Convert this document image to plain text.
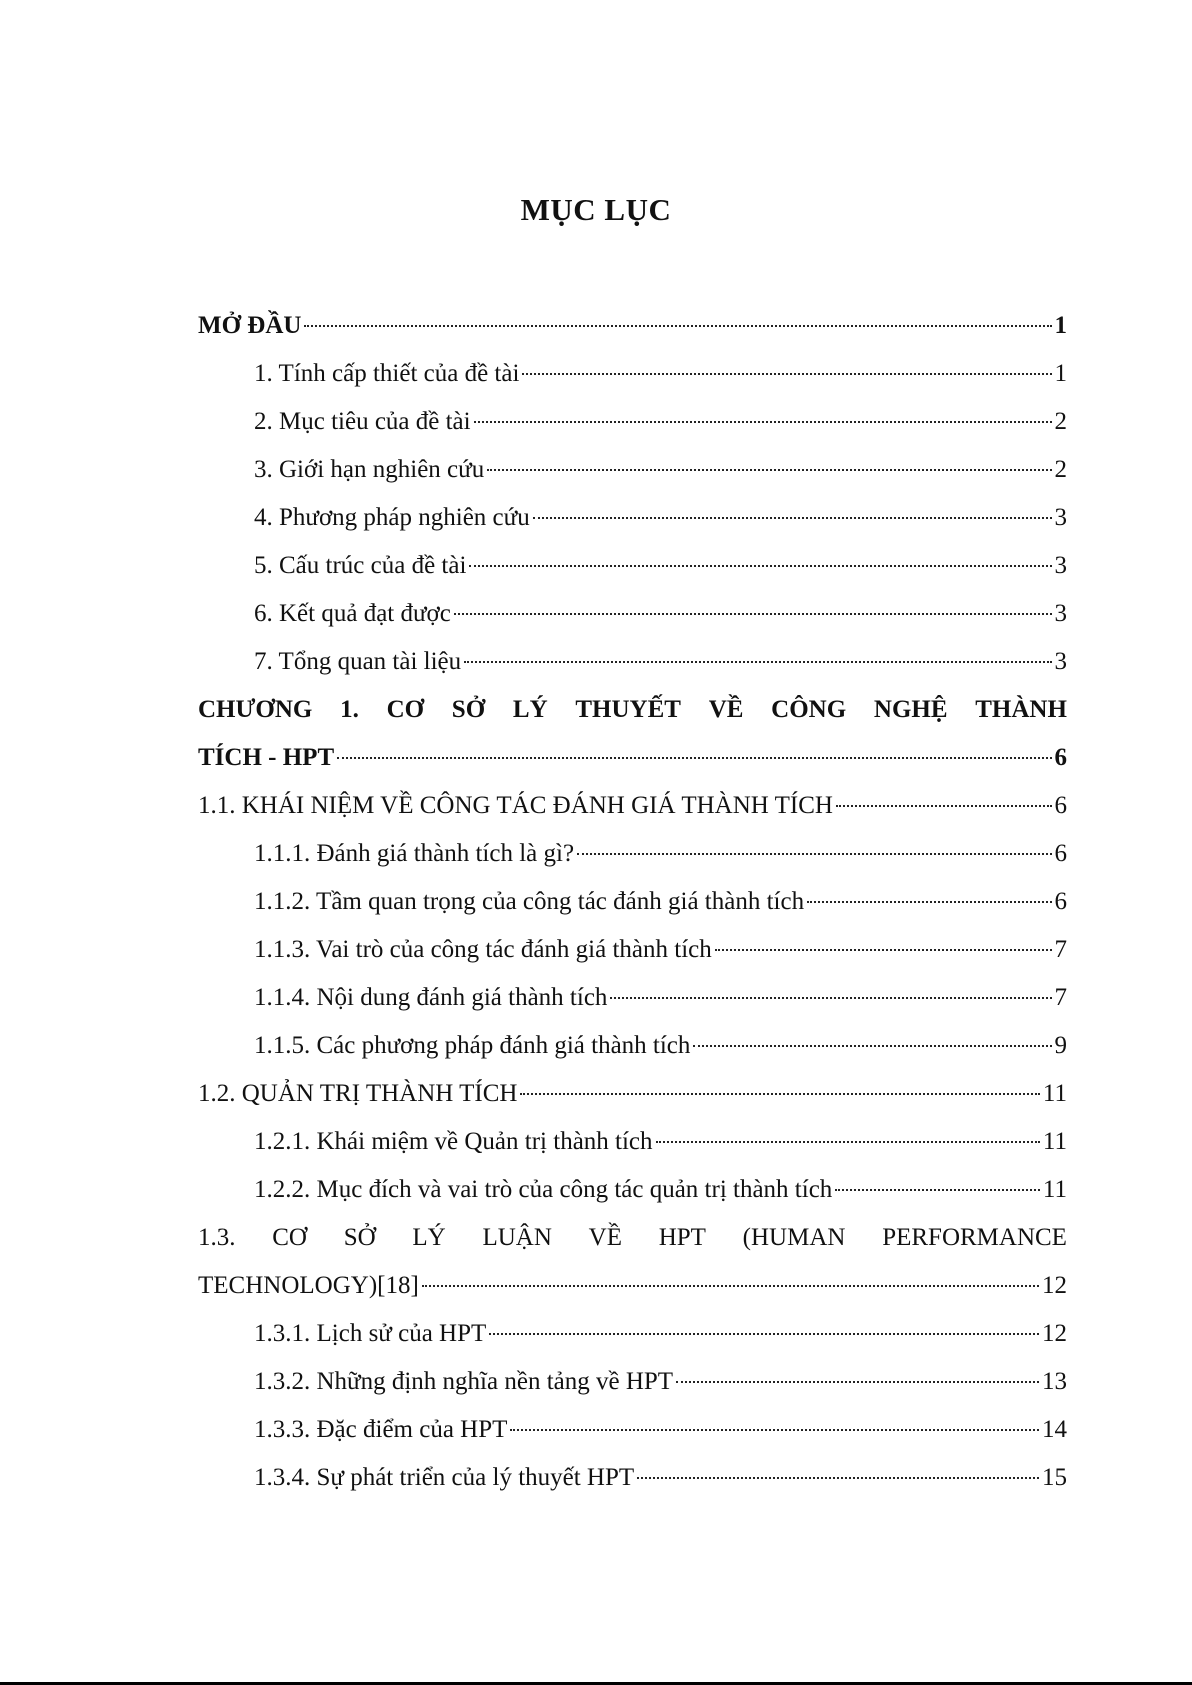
MỤC LỤC
MỞ ĐẦU	1
1. Tính cấp thiết của đề tài	1
2. Mục tiêu của đề tài	2
3. Giới hạn nghiên cứu	2
4. Phương pháp nghiên cứu	3
5. Cấu trúc của đề tài	3
6. Kết quả đạt được	3
7. Tổng quan tài liệu	3
CHƯƠNG 1. CƠ SỞ LÝ THUYẾT VỀ CÔNG NGHỆ THÀNH
TÍCH - HPT	6
1.1. KHÁI NIỆM VỀ CÔNG TÁC ĐÁNH GIÁ THÀNH TÍCH	6
1.1.1. Đánh giá thành tích là gì?	6
1.1.2. Tầm quan trọng của công tác đánh giá thành tích	6
1.1.3. Vai trò của công tác đánh giá thành tích	7
1.1.4. Nội dung đánh giá thành tích	7
1.1.5. Các phương pháp đánh giá thành tích	9
1.2. QUẢN TRỊ THÀNH TÍCH	11
1.2.1. Khái miệm về Quản trị thành tích	11
1.2.2. Mục đích và vai trò của công tác quản trị thành tích	11
1.3. CƠ SỞ LÝ LUẬN VỀ HPT (HUMAN PERFORMANCE
TECHNOLOGY)[18]	12
1.3.1. Lịch sử của HPT	12
1.3.2. Những định nghĩa nền tảng về HPT	13
1.3.3. Đặc điểm của HPT	14
1.3.4. Sự phát triển của lý thuyết HPT	15
